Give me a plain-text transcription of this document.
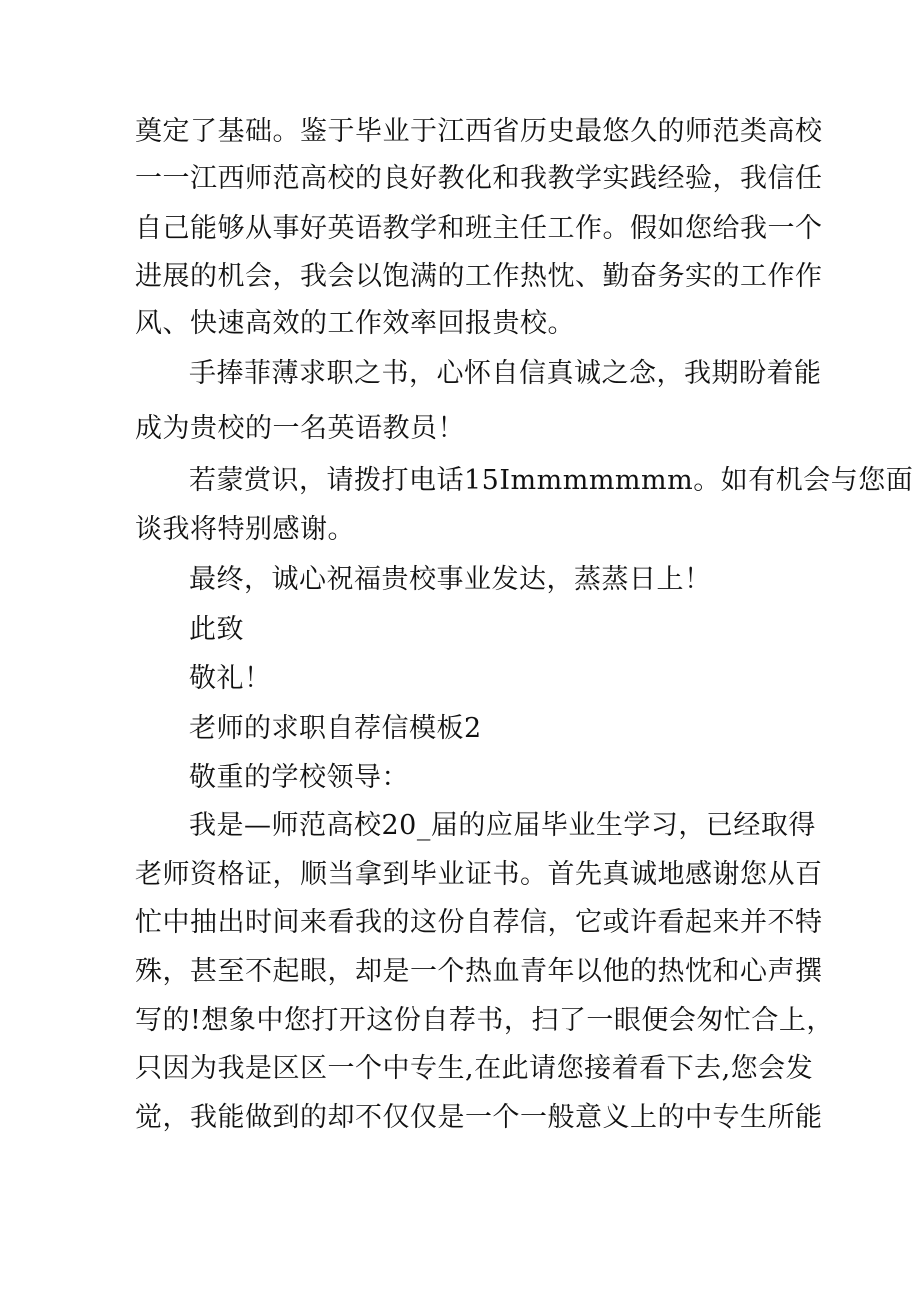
奠定了基础。鉴于毕业于江西省历史最悠久的师范类高校
一一江西师范高校的良好教化和我教学实践经验，我信任
自己能够从事好英语教学和班主任工作。假如您给我一个
进展的机会，我会以饱满的工作热忱、勤奋务实的工作作
风、快速高效的工作效率回报贵校。
手捧菲薄求职之书，心怀自信真诚之念，我期盼着能
成为贵校的一名英语教员！
若蒙赏识，请拨打电话15Immmmmmm。如有机会与您面
谈我将特别感谢。
最终，诚心祝福贵校事业发达，蒸蒸日上！
此致
敬礼！
老师的求职自荐信模板2
敬重的学校领导：
我是—师范高校20_届的应届毕业生学习，已经取得
老师资格证，顺当拿到毕业证书。首先真诚地感谢您从百
忙中抽出时间来看我的这份自荐信，它或许看起来并不特
殊，甚至不起眼，却是一个热血青年以他的热忱和心声撰
写的!想象中您打开这份自荐书，扫了一眼便会匆忙合上，
只因为我是区区一个中专生,在此请您接着看下去,您会发
觉，我能做到的却不仅仅是一个一般意义上的中专生所能
